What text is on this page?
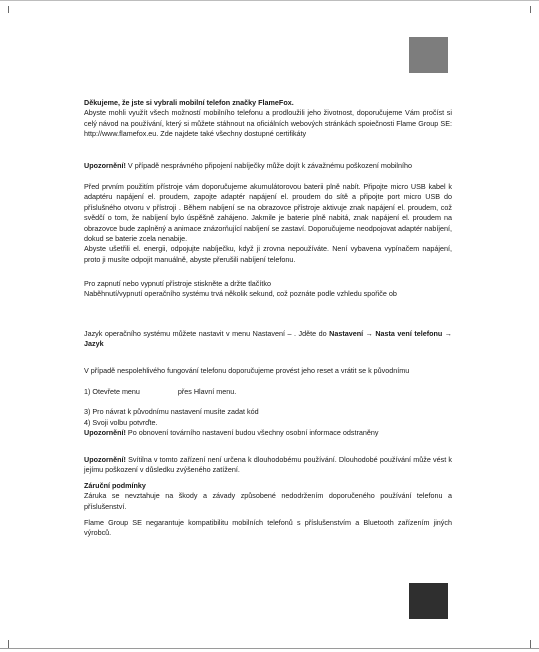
Děkujeme, že jste si vybrali mobilní telefon značky FlameFox.

Abyste mohli využít všech možností mobilního telefonu a prodloužili jeho životnost, doporučujeme Vám pročíst si celý návod na používání, který si můžete stáhnout na oficiálních webových stránkách spoiečnosti Flame Group SE: http://www.flamefox.eu. Zde najdete také všechny dostupné certifikáty

Upozornění! V případě nesprávného připojení nabíječky může dojít k závažnému poškození mobilního

Před prvním použitím přístroje vám doporučujeme akumulátorovou baterii plně nabít. Připojte micro USB kabel k adaptéru napájení el. proudem, zapojte adaptér napájení el. proudem do sítě a připojte port micro USB do příslušného otvoru v přístroji . Během nabíjení se na obrazovce přístroje aktivuje znak napájení el. proudem, což svědčí o tom, že nabíjení bylo úspěšně zahájeno. Jakmile je baterie plně nabitá, znak napájení el. proudem na obrazovce bude zaplněný a animace znázorňující nabíjení se zastaví. Doporučujeme neodpojovat adaptér nabíjení, dokud se baterie zcela nenabije.

Abyste ušetřili el. energii, odpojujte nabíječku, když ji zrovna nepoužíváte. Není vybavena vypínačem napájení, proto ji musíte odpojit manuálně, abyste přerušili nabíjení telefonu.

Pro zapnutí nebo vypnutí přístroje stiskněte a držte tlačítko

Naběhnutí/vypnutí operačního systému trvá několik sekund, což poznáte podle vzhledu spořiče ob

Jazyk operačního systému můžete nastavit v menu Nastavení – . Jděte do Nastavení → Nasta vení telefonu → Jazyk

V případě nespolehlivého fungování telefonu doporučujeme provést jeho reset a vrátit se k původnímu

1) Otevřete menu                   přes Hlavní menu.

3) Pro návrat k původnímu nastavení musíte zadat kód

4) Svoji volbu potvrďte.

Upozornění! Po obnovení továrního nastavení budou všechny osobní informace odstraněny

Upozornění! Svítilna v tomto zařízení není určena k dlouhodobému používání. Dlouhodobé používání může vést k jejímu poškození v důsledku zvýšeného zatížení.

Záruční podmínky

Záruka se nevztahuje na škody a závady způsobené nedodržením doporučeného používání telefonu a příslušenství.

Flame Group SE negarantuje kompatibilitu mobilních telefonů s příslušenstvím a Bluetooth zařízením jiných výrobců.
